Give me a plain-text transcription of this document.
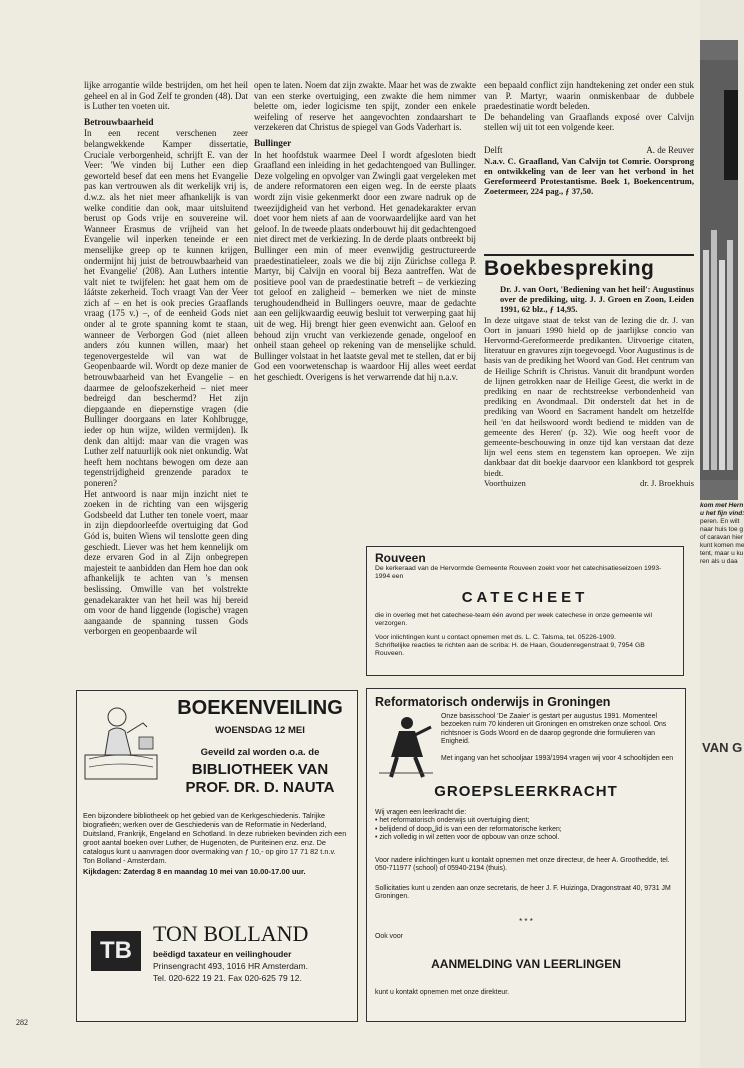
lijke arrogantie wilde bestrijden, om het heil geheel en al in God Zelf te gronden (48). Dat is Luther ten voeten uit.

Betrouwbaarheid

In een recent verschenen zeer belangwekkende Kamper dissertatie, Cruciale verborgenheid, schrijft E. van der Veer: 'We vinden bij Luther een diep geworteld besef dat een mens het Evangelie pas kan vertrouwen als dit werkelijk vrij is, d.w.z. als het niet meer afhankelijk is van welke conditie dan ook, maar uitsluitend berust op Gods vrije en souvereine wil. Wanneer Erasmus de vrijheid van het Evangelie wil inperken teneinde er een menselijke greep op te kunnen krijgen, ondermijnt hij juist de betrouwbaarheid van het Evangelie' (208). Aan Luthers intentie valt niet te twijfelen: het gaat hem om de láátste zekerheid. Toch vraagt Van der Veer zich af – en het is ook precies Graaflands vraag (175 v.) –, of de eenheid Gods niet onder al te grote spanning komt te staan, wanneer de Verborgen God (niet alleen anders zóu kunnen willen, maar) het tegenovergestelde wil van wat de Geopenbaarde wil. Wordt op deze manier de betrouwbaarheid van het Evangelie – en daarmee de geloofszekerheid – niet meer bedreigd dan beschermd? Het zijn diepgaande en diepernstige vragen (die Bullinger doorgaans en later Kohlbrugge, ieder op hun wijze, wilden vermijden). Ik denk dan altijd: maar van die vragen was Luther zelf natuurlijk ook niet onkundig. Wat heeft hem nochtans bewogen om deze aan tegenstrijdigheid grenzende paradox te poneren?

Het antwoord is naar mijn inzicht niet te zoeken in de richting van een wijsgerig Godsbeeld dat Luther ten tonele voert, maar in zijn diepdoorleefde overtuiging dat God Gód is, buiten Wiens wil tenslotte geen ding geschiedt. Liever was het hem kennelijk om deze ervaren God in al Zijn onbegrepen majesteit te aanbidden dan Hem hoe dan ook afhankelijk te achten van 's mensen beslissing. Omwille van het volstrekte genadekarakter van het heil was hij bereid om voor de hand liggende (logische) vragen aangaande de spanning tussen Gods verborgen en geopenbaarde wil

open te laten. Noem dat zijn zwakte. Maar het was de zwakte van een sterke overtuiging, een zwakte die hem nimmer belette om, ieder logicisme ten spijt, zonder een enkele weifeling of reserve het aangevochten zondaarshart te verzekeren dat Christus de spiegel van Gods Vaderhart is.

Bullinger

In het hoofdstuk waarmee Deel I wordt afgesloten biedt Graafland een inleiding in het gedachtengoed van Bullinger. Deze volgeling en opvolger van Zwingli gaat vergeleken met de andere reformatoren een eigen weg. In de eerste plaats wordt zijn visie gekenmerkt door een zware nadruk op de tweezijdigheid van het verbond. Het genadekarakter ervan doet voor hem niets af aan de voorwaardelijke aard van het geloof. In de tweede plaats onderbouwt hij dit gedachtengoed niet direct met de verkiezing. In de derde plaats ontbreekt bij Bullinger een min of meer evenwijdig gestructureerde praedestinatieleer, zoals we die bij zijn Zürichse collega P. Martyr, bij Calvijn en vooral bij Beza aantreffen. Wat de positieve pool van de praedestinatie betreft – de verkiezing tot geloof en zaligheid – bemerken we niet de minste terughoudendheid in Bullingers oeuvre, maar de gedachte aan een gelijkwaardig eeuwig besluit tot verwerping gaat hij uit de weg. Hij brengt hier geen evenwicht aan. Geloof en behoud zijn vrucht van verkiezende genade, ongeloof en onheil staan geheel op rekening van de menselijke schuld. Bullinger volstaat in het laatste geval met te stellen, dat er bij God een voorwetenschap is waardoor Hij alles weet eerdat het geschiedt. Overigens is het verwarrende dat hij n.a.v.

een bepaald conflict zijn handtekening zet onder een stuk van P. Martyr, waarin onmiskenbaar de dubbele praedestinatie wordt beleden.

De behandeling van Graaflands exposé over Calvijn stellen wij uit tot een volgende keer.

Delft	A. de Reuver

N.a.v. C. Graafland, Van Calvijn tot Comrie. Oorsprong en ontwikkeling van de leer van het verbond in het Gereformeerd Protestantisme. Boek 1, Boekencentrum, Zoetermeer, 224 pag., ƒ 37,50.

Boekbespreking

Dr. J. van Oort, 'Bediening van het heil': Augustinus over de prediking, uitg. J. J. Groen en Zoon, Leiden 1991, 62 blz., ƒ 14,95.

In deze uitgave staat de tekst van de lezing die dr. J. van Oort in januari 1990 hield op de jaarlijkse concio van Hervormd-Gereformeerde predikanten. Uitvoerige citaten, literatuur en gravures zijn toegevoegd. Voor Augustinus is de basis van de prediking het Woord van God. Het centrum van de Heilige Schrift is Christus. Vanuit dit brandpunt worden de lijnen getrokken naar de Heilige Geest, die werkt in de prediking en naar de rechtstreekse verbondenheid van prediking en Avondmaal. Dit onderstelt dat het in de prediking van Woord en Sacrament handelt om hetzelfde heil 'en dat heilswoord wordt bediend te midden van de gemeente des Heren' (p. 32). Wie oog heeft voor de gemeente-beschouwing in onze tijd kan verstaan dat deze lijn wel eens stem en tegenstem kan oproepen. We zijn dankbaar dat dit boekje daarvoor een klankbord tot gesprek biedt.

Voorthuizen	dr. J. Broekhuis
Rouveen
De kerkeraad van de Hervormde Gemeente Rouveen zoekt voor het catechisatieseizoen 1993-1994 een
CATECHEET
die in overleg met het catechese-team één avond per week catechese in onze gemeente wil verzorgen.
Voor inlichtingen kunt u contact opnemen met ds. L. C. Talsma, tel. 05226-1909.
Schriftelijke reacties te richten aan de scriba: H. de Haan, Goudenregenstraat 9, 7954 GB Rouveen.
BOEKENVEILING
WOENSDAG 12 MEI
Geveild zal worden o.a. de
BIBLIOTHEEK VAN
PROF. DR. D. NAUTA
Een bijzondere bibliotheek op het gebied van de Kerkgeschiedenis. Talrijke biografieën; werken over de Geschiedenis van de Reformatie in Nederland, Duitsland, Frankrijk, Engeland en Schotland. In deze rubrieken bevinden zich een groot aantal boeken over Luther, de Hugenoten, de Puriteinen enz. enz. De catalogus kunt u aanvragen door overmaking van ƒ 10,- op giro 17 71 82 t.n.v. Ton Bolland - Amsterdam.
Kijkdagen: Zaterdag 8 en maandag 10 mei van 10.00-17.00 uur.
TB
TON BOLLAND
beëdigd taxateur en veilinghouder
Prinsengracht 493, 1016 HR Amsterdam.
Tel. 020-622 19 21. Fax 020-625 79 12.
Reformatorisch onderwijs in Groningen
Onze basisschool 'De Zaaier' is gestart per augustus 1991. Momenteel bezoeken ruim 70 kinderen uit Groningen en omstreken onze school. Ons richtsnoer is Gods Woord en de daarop gegronde drie formulieren van Enigheid.
Met ingang van het schooljaar 1993/1994 vragen wij voor 4 schooltijden een
GROEPSLEERKRACHT
Wij vragen een leerkracht die:
• het reformatorisch onderwijs uit overtuiging dient;
• belijdend of doopلid is van een der reformatorische kerken;
• zich volledig in wil zetten voor de opbouw van onze school.
Voor nadere inlichtingen kunt u kontakt opnemen met onze directeur, de heer A. Groothedde, tel. 050-711977 (school) of 05940-2194 (thuis).
Sollicitaties kunt u zenden aan onze secretaris, de heer J. F. Huizinga, Dragonstraat 40, 9731 JM Groningen.
* * *
Ook voor
AANMELDING VAN LEERLINGEN
kunt u kontakt opnemen met onze direkteur.
282
kom met Hern
u het fijn vind:
peren. En wilt
naar huis toe g
of caravan hier
kunt komen me
tent, maar u ku
ren als u daa
VAN G
